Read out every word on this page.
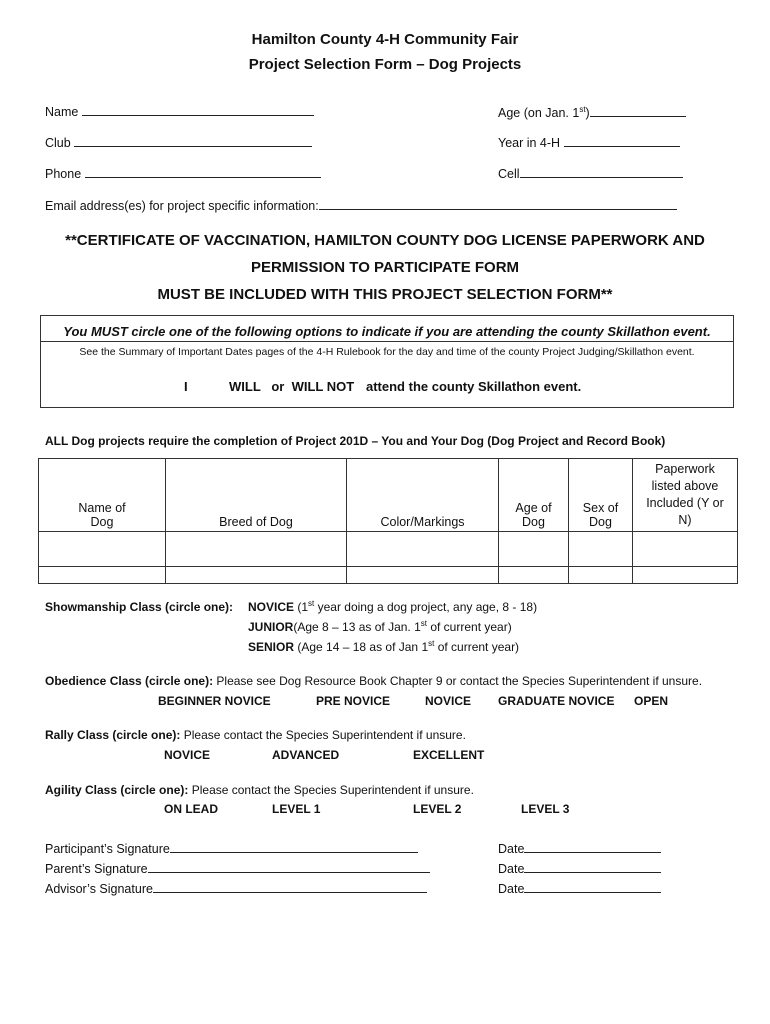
Hamilton County 4-H Community Fair
Project Selection Form – Dog Projects
Name	Age (on Jan. 1st)
Club	Year in 4-H
Phone	Cell
Email address(es) for project specific information:
**CERTIFICATE OF VACCINATION, HAMILTON COUNTY DOG LICENSE PAPERWORK AND
PERMISSION TO PARTICIPATE FORM
MUST BE INCLUDED WITH THIS PROJECT SELECTION FORM**
You MUST circle one of the following options to indicate if you are attending the county Skillathon event.
See the Summary of Important Dates pages of the 4-H Rulebook for the day and time of the county Project Judging/Skillathon event.
I	WILL   or  WILL NOT attend the county Skillathon event.
ALL Dog projects require the completion of Project 201D – You and Your Dog (Dog Project and Record Book)
Name of Dog	Breed of Dog	Color/Markings	Age of Dog	Sex of Dog	Paperwork listed above Included (Y or N)

Showmanship Class (circle one): NOVICE (1st year doing a dog project, any age, 8 - 18)
JUNIOR(Age 8 – 13 as of Jan. 1st of current year)
SENIOR (Age 14 – 18 as of Jan 1st of current year)
Obedience Class (circle one): Please see Dog Resource Book Chapter 9 or contact the Species Superintendent if unsure.
BEGINNER NOVICE	PRE NOVICE	NOVICE GRADUATE NOVICE OPEN
Rally Class (circle one): Please contact the Species Superintendent if unsure.
NOVICE	ADVANCED	EXCELLENT
Agility Class (circle one): Please contact the Species Superintendent if unsure.
ON LEAD	LEVEL 1	LEVEL 2	LEVEL 3
Participant’s Signature	Date
Parent’s Signature	Date
Advisor’s Signature	Date
